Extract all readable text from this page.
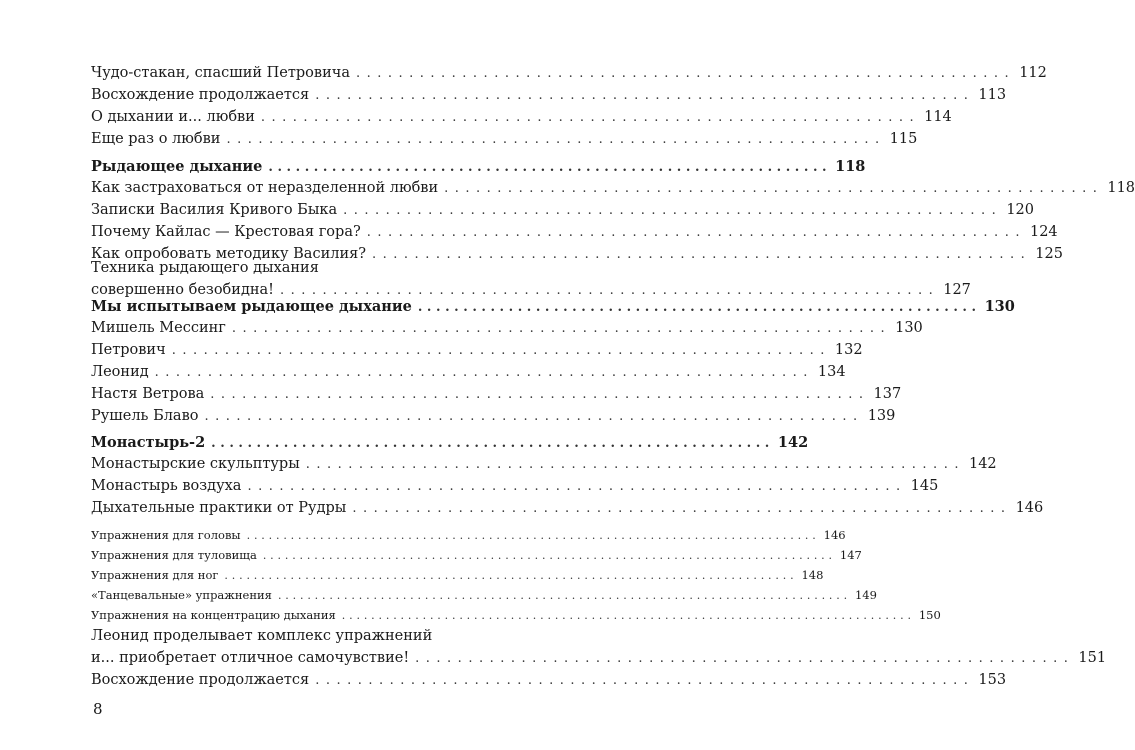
Чудо-стакан, спасший Петровича .............................................................. 112
Восхождение продолжается .............................................................. 113
О дыхании и... любви .............................................................. 114
Еще раз о любви .............................................................. 115
Рыдающее дыхание .............................................................. 118
Как застраховаться от неразделенной любви .............................................................. 118
Записки Василия Кривого Быка .............................................................. 120
Почему Кайлас — Крестовая гора? .............................................................. 124
Как опробовать методику Василия? .............................................................. 125
Техника рыдающего дыхания
совершенно безобидна! .............................................................. 127
Мы испытываем рыдающее дыхание .............................................................. 130
Мишель Мессинг .............................................................. 130
Петрович .............................................................. 132
Леонид .............................................................. 134
Настя Ветрова .............................................................. 137
Рушель Блаво .............................................................. 139
Монастырь-2 .............................................................. 142
Монастырские скульптуры .............................................................. 142
Монастырь воздуха .............................................................. 145
Дыхательные практики от Рудры .............................................................. 146
Упражнения для головы .............................................................................. 146
Упражнения для туловища .............................................................................. 147
Упражнения для ног .............................................................................. 148
«Танцевальные» упражнения .............................................................................. 149
Упражнения на концентрацию дыхания .............................................................................. 150
Леонид проделывает комплекс упражнений
и... приобретает отличное самочувствие! .............................................................. 151
Восхождение продолжается .............................................................. 153
8
